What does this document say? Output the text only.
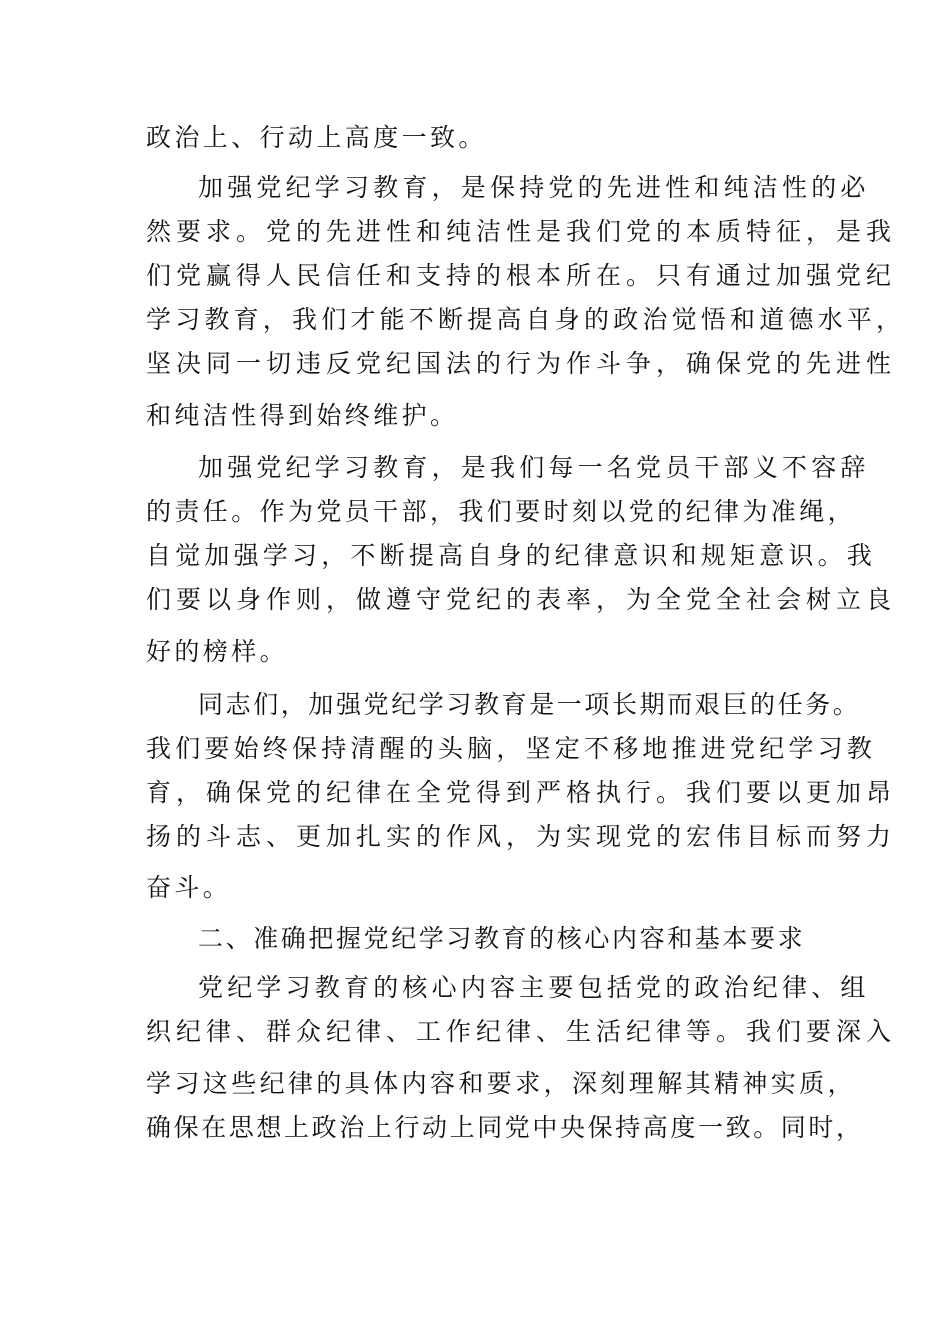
政治上、行动上高度一致。
加强党纪学习教育，是保持党的先进性和纯洁性的必
然要求。党的先进性和纯洁性是我们党的本质特征，是我
们党赢得人民信任和支持的根本所在。只有通过加强党纪
学习教育，我们才能不断提高自身的政治觉悟和道德水平，
坚决同一切违反党纪国法的行为作斗争，确保党的先进性
和纯洁性得到始终维护。
加强党纪学习教育，是我们每一名党员干部义不容辞
的责任。作为党员干部，我们要时刻以党的纪律为准绳，
自觉加强学习，不断提高自身的纪律意识和规矩意识。我
们要以身作则，做遵守党纪的表率，为全党全社会树立良
好的榜样。
同志们，加强党纪学习教育是一项长期而艰巨的任务。
我们要始终保持清醒的头脑，坚定不移地推进党纪学习教
育，确保党的纪律在全党得到严格执行。我们要以更加昂
扬的斗志、更加扎实的作风，为实现党的宏伟目标而努力
奋斗。
二、准确把握党纪学习教育的核心内容和基本要求
党纪学习教育的核心内容主要包括党的政治纪律、组
织纪律、群众纪律、工作纪律、生活纪律等。我们要深入
学习这些纪律的具体内容和要求，深刻理解其精神实质，
确保在思想上政治上行动上同党中央保持高度一致。同时，
